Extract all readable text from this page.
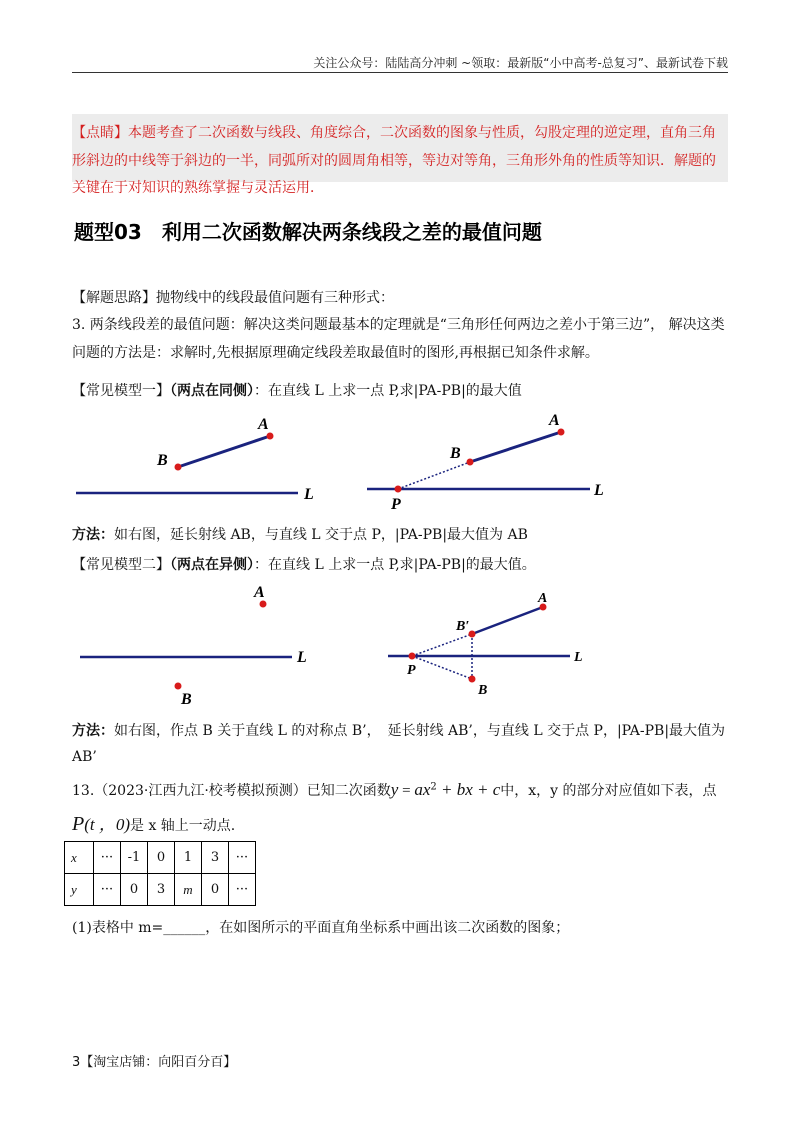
关注公众号：陆陆高分冲刺 ~领取：最新版“小中高考-总复习”、最新试卷下载
【点睛】本题考查了二次函数与线段、角度综合，二次函数的图象与性质，勾股定理的逆定理，直角三角形斜边的中线等于斜边的一半，同弧所对的圆周角相等，等边对等角，三角形外角的性质等知识．解题的关键在于对知识的熟练掌握与灵活运用．
题型03　利用二次函数解决两条线段之差的最值问题
【解题思路】抛物线中的线段最值问题有三种形式：
3. 两条线段差的最值问题：解决这类问题最基本的定理就是“三角形任何两边之差小于第三边”， 解决这类问题的方法是：求解时,先根据原理确定线段差取最值时的图形,再根据已知条件求解。
【常见模型一】（两点在同侧）：在直线 L 上求一点 P,求|PA-PB|的最大值
B
A
L
P
B
A
L
方法：如右图，延长射线 AB，与直线 L 交于点 P，|PA-PB|最大值为 AB
【常见模型二】（两点在异侧）：在直线 L 上求一点 P,求|PA-PB|的最大值。
A
B
L
P
B′
A
B
L
方法：如右图，作点 B 关于直线 L 的对称点 B’，　延长射线 AB’，与直线 L 交于点 P，|PA-PB|最大值为
AB’
13.（2023·江西九江·校考模拟预测）已知二次函数$y = ax^2$ + bx + c中，x，y 的部分对应值如下表，点
P(t ，0)是 x 轴上一动点.
x	···	-1	0	1	3	···
y	···	0	3	m	0	···
(1)表格中 m=______，在如图所示的平面直角坐标系中画出该二次函数的图象；
3【淘宝店铺：向阳百分百】
